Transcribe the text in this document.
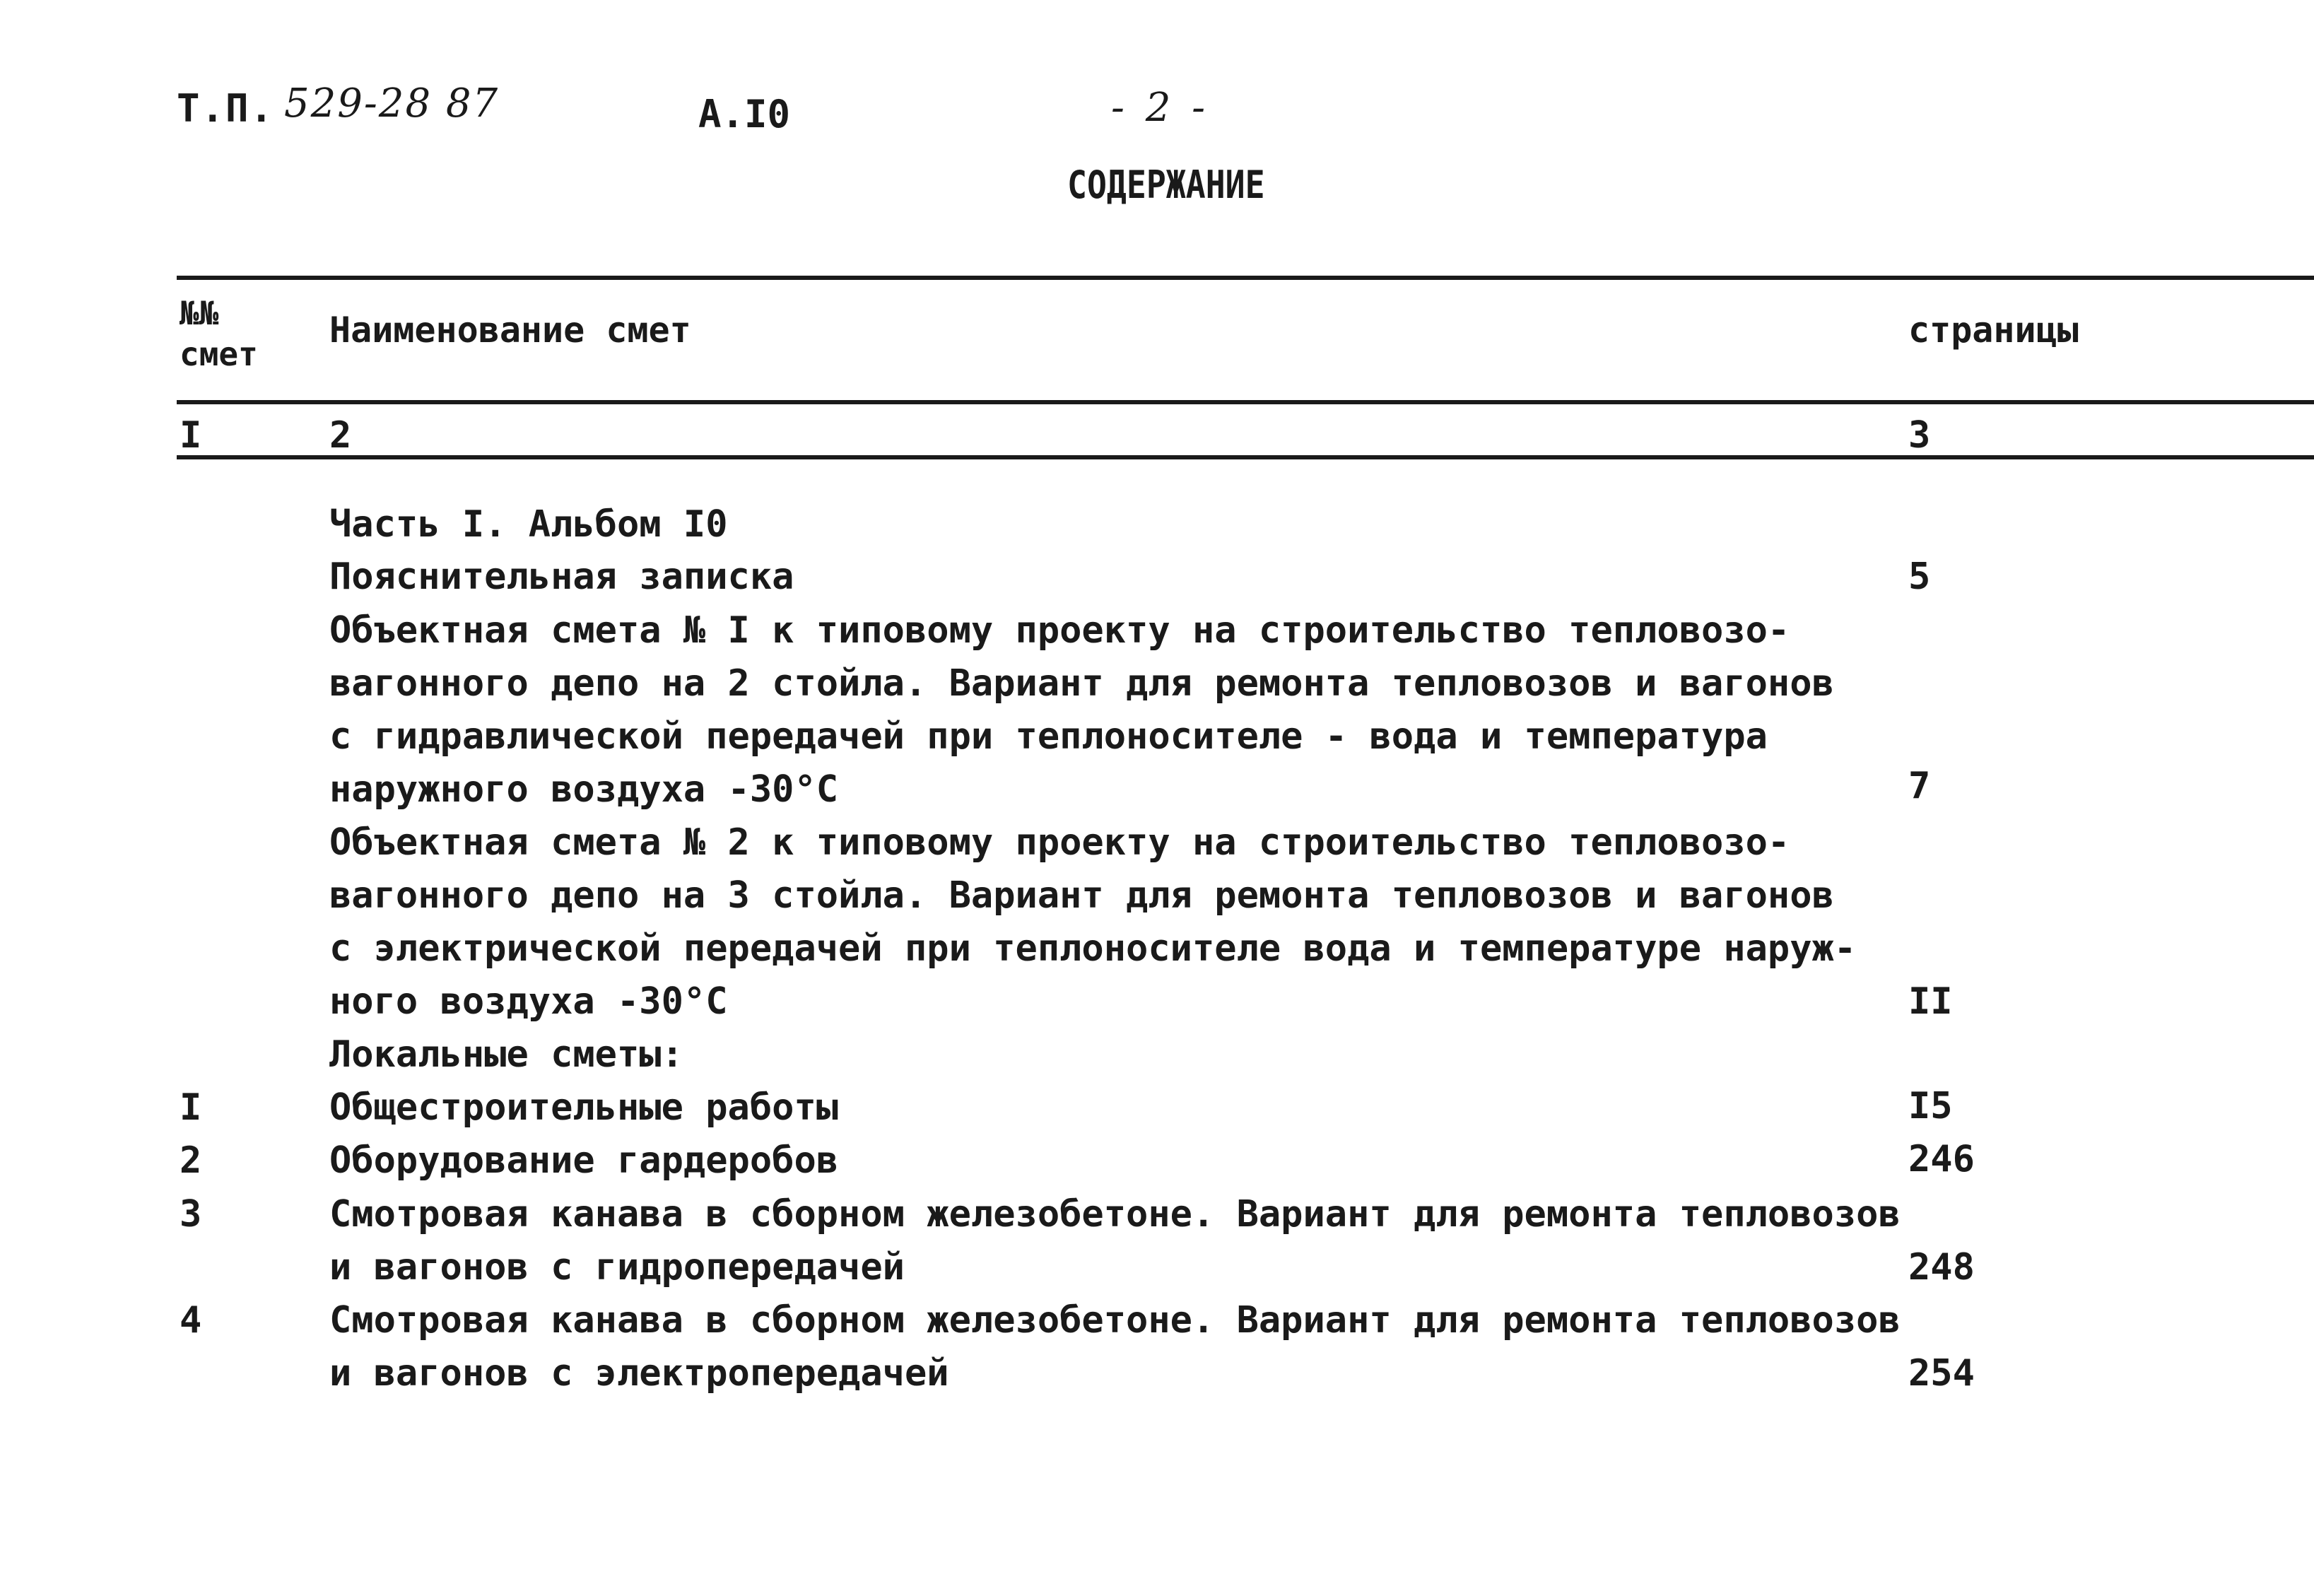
Т.П. 529-28 87	А.I0	- 2 -
СОДЕРЖАНИЕ
№№
смет
Наименование смет	страницы
I	2	3
Часть I. Альбом I0
Пояснительная записка	5
Объектная смета № I к типовому проекту на строительство тепловозо-
вагонного депо на 2 стойла. Вариант для ремонта тепловозов и вагонов
с гидравлической передачей при теплоносителе - вода и температура
наружного воздуха -30°С	7
Объектная смета № 2 к типовому проекту на строительство тепловозо-
вагонного депо на 3 стойла. Вариант для ремонта тепловозов и вагонов
с электрической передачей при теплоносителе вода и температуре наруж-
ного воздуха -30°С	II
Локальные сметы:
I	Общестроительные работы	I5
2	Оборудование гардеробов	246
3	Смотровая канава в сборном железобетоне. Вариант для ремонта тепловозов
и вагонов с гидропередачей	248
4	Смотровая канава в сборном железобетоне. Вариант для ремонта тепловозов
и вагонов с электропередачей	254
